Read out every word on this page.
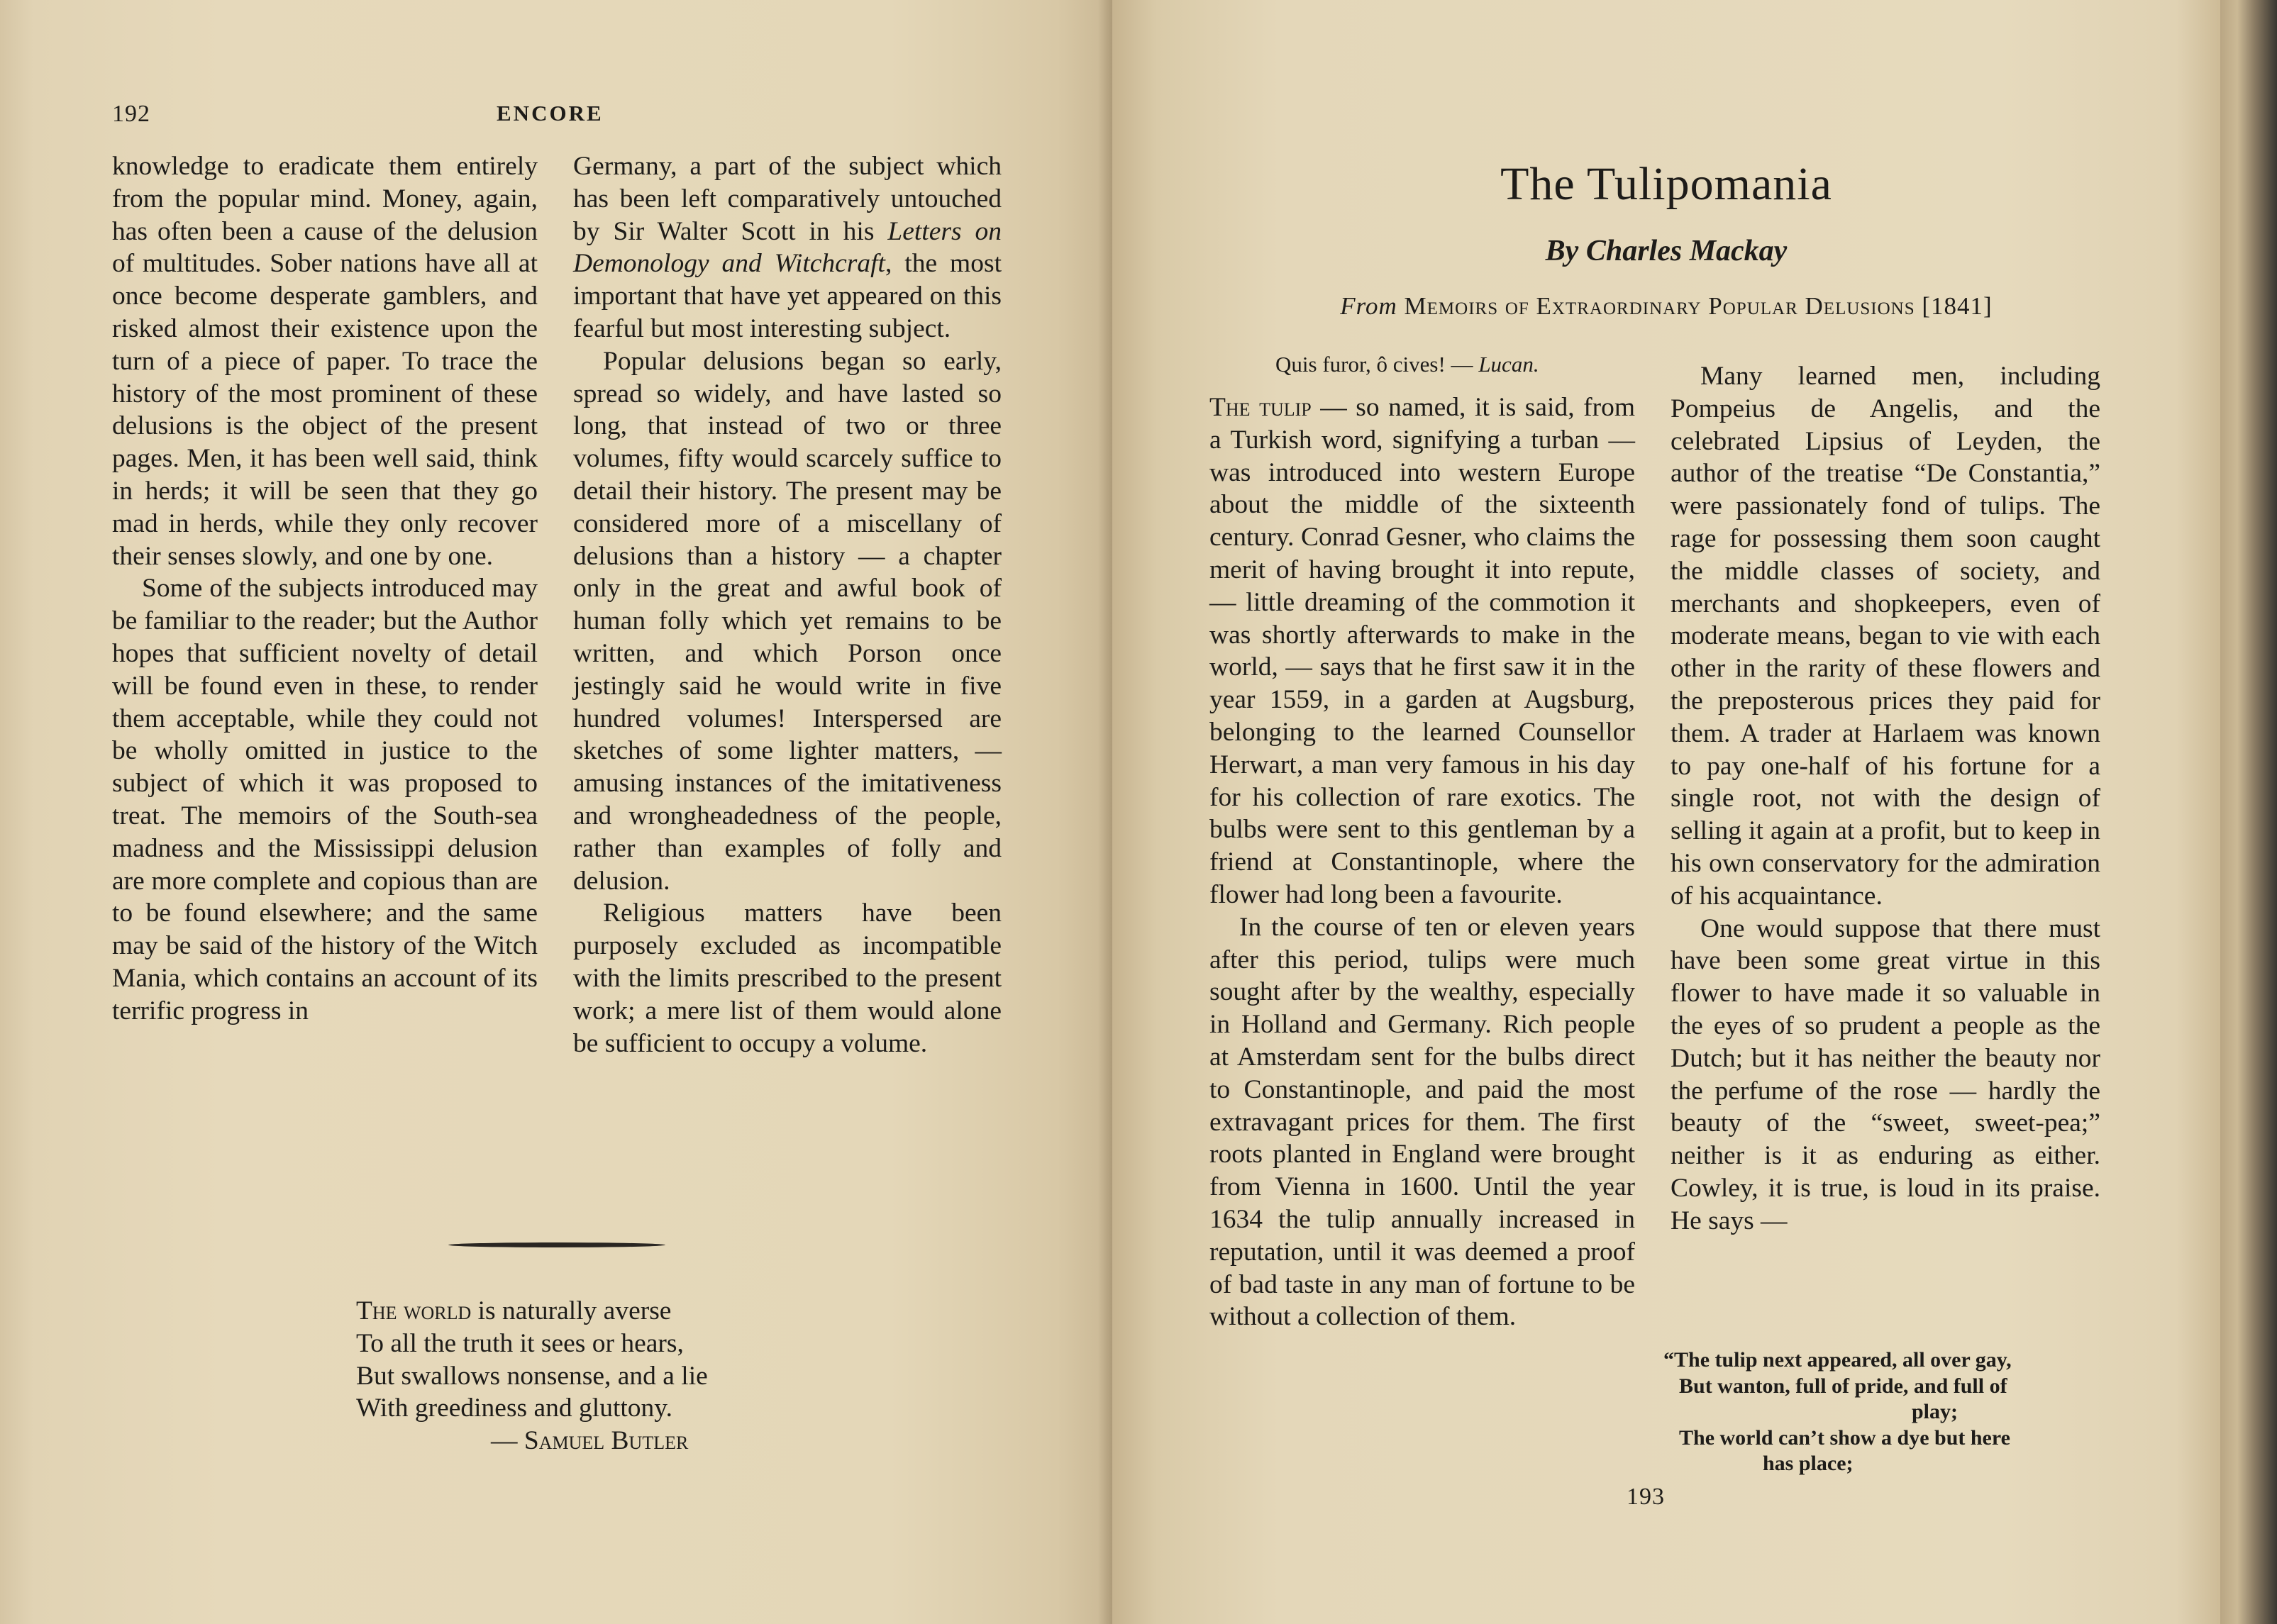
192	ENCORE

knowledge to eradicate them entirely from the popular mind. Money, again, has often been a cause of the delusion of multitudes. Sober nations have all at once become desperate gamblers, and risked almost their existence upon the turn of a piece of paper. To trace the history of the most prominent of these delusions is the object of the present pages. Men, it has been well said, think in herds; it will be seen that they go mad in herds, while they only recover their senses slowly, and one by one.

Some of the subjects introduced may be familiar to the reader; but the Author hopes that sufficient novelty of detail will be found even in these, to render them acceptable, while they could not be wholly omitted in justice to the subject of which it was proposed to treat. The memoirs of the South-sea madness and the Mississippi delusion are more complete and copious than are to be found elsewhere; and the same may be said of the history of the Witch Mania, which contains an account of its terrific progress in

Germany, a part of the subject which has been left comparatively untouched by Sir Walter Scott in his Letters on Demonology and Witchcraft, the most important that have yet appeared on this fearful but most interesting subject.

Popular delusions began so early, spread so widely, and have lasted so long, that instead of two or three volumes, fifty would scarcely suffice to detail their history. The present may be considered more of a miscellany of delusions than a history — a chapter only in the great and awful book of human folly which yet remains to be written, and which Porson once jestingly said he would write in five hundred volumes! Interspersed are sketches of some lighter matters, — amusing instances of the imitativeness and wrongheadedness of the people, rather than examples of folly and delusion.

Religious matters have been purposely excluded as incompatible with the limits prescribed to the present work; a mere list of them would alone be sufficient to occupy a volume.

The world is naturally averse
To all the truth it sees or hears,
But swallows nonsense, and a lie
With greediness and gluttony.
— Samuel Butler
The Tulipomania
By Charles Mackay
From Memoirs of Extraordinary Popular Delusions [1841]
Quis furor, ô cives! — Lucan.

The tulip — so named, it is said, from a Turkish word, signifying a turban — was introduced into western Europe about the middle of the sixteenth century. Conrad Gesner, who claims the merit of having brought it into repute, — little dreaming of the commotion it was shortly afterwards to make in the world, — says that he first saw it in the year 1559, in a garden at Augsburg, belonging to the learned Counsellor Herwart, a man very famous in his day for his collection of rare exotics. The bulbs were sent to this gentleman by a friend at Constantinople, where the flower had long been a favourite.

In the course of ten or eleven years after this period, tulips were much sought after by the wealthy, especially in Holland and Germany. Rich people at Amsterdam sent for the bulbs direct to Constantinople, and paid the most extravagant prices for them. The first roots planted in England were brought from Vienna in 1600. Until the year 1634 the tulip annually increased in reputation, until it was deemed a proof of bad taste in any man of fortune to be without a collection of them.

Many learned men, including Pompeius de Angelis, and the celebrated Lipsius of Leyden, the author of the treatise “De Constantia,” were passionately fond of tulips. The rage for possessing them soon caught the middle classes of society, and merchants and shopkeepers, even of moderate means, began to vie with each other in the rarity of these flowers and the preposterous prices they paid for them. A trader at Harlaem was known to pay one-half of his fortune for a single root, not with the design of selling it again at a profit, but to keep in his own conservatory for the admiration of his acquaintance.

One would suppose that there must have been some great virtue in this flower to have made it so valuable in the eyes of so prudent a people as the Dutch; but it has neither the beauty nor the perfume of the rose — hardly the beauty of the “sweet, sweet-pea;” neither is it as enduring as either. Cowley, it is true, is loud in its praise. He says —

“The tulip next appeared, all over gay,

But wanton, full of pride, and full of

play;

The world can’t show a dye but here

has place;

193
